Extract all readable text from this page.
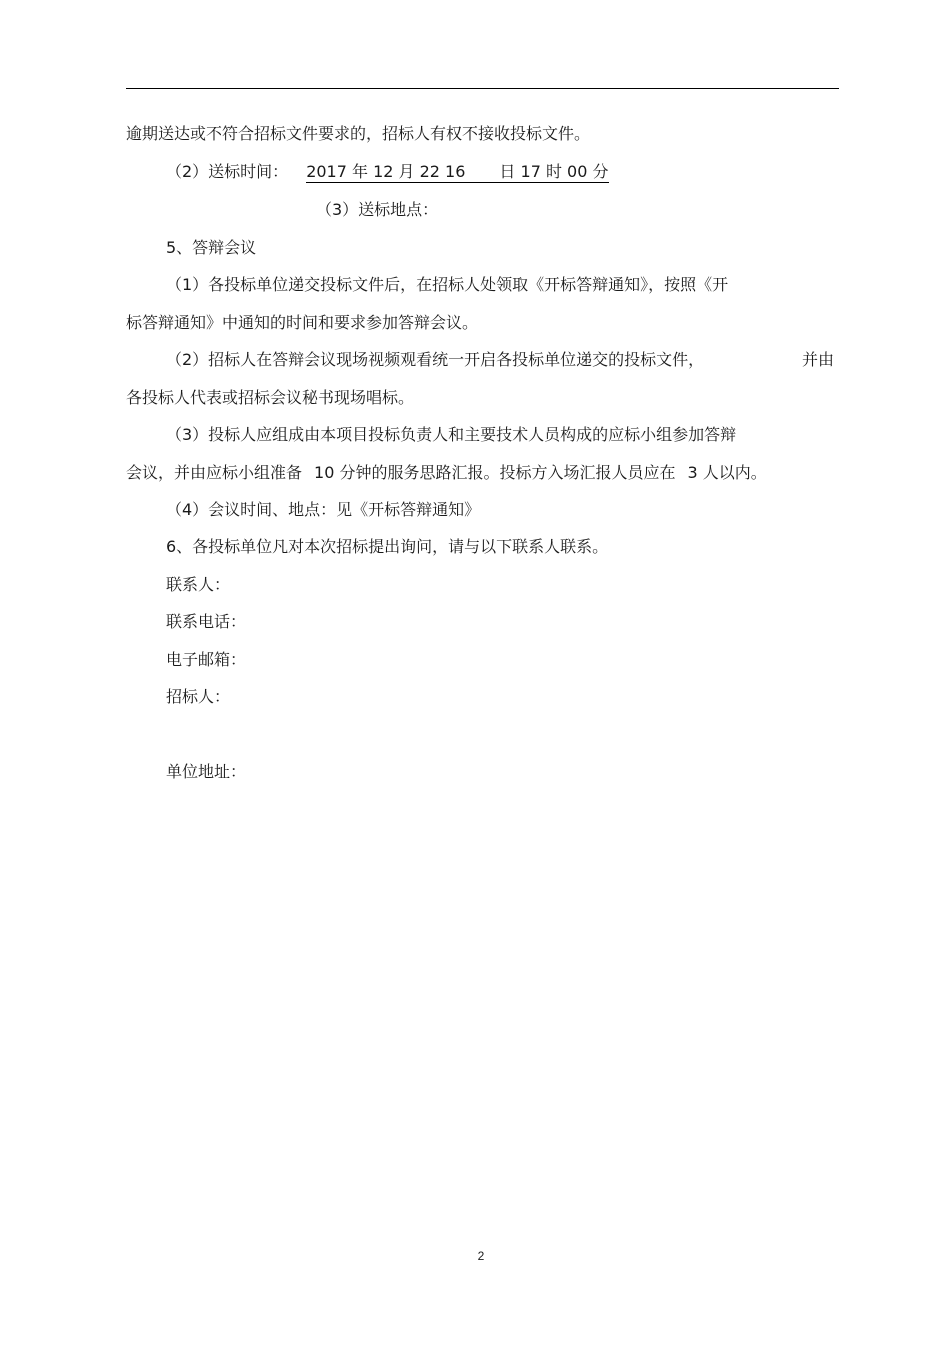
逾期送达或不符合招标文件要求的，招标人有权不接收投标文件。
（2）送标时间： 2017 年 12 月 22 16 日 17 时 00 分
（3）送标地点：
5、答辩会议
（1）各投标单位递交投标文件后，在招标人处领取《开标答辩通知》，按照《开
标答辩通知》中通知的时间和要求参加答辩会议。
（2）招标人在答辩会议现场视频观看统一开启各投标单位递交的投标文件，	并由
各投标人代表或招标会议秘书现场唱标。
（3）投标人应组成由本项目投标负责人和主要技术人员构成的应标小组参加答辩
会议，并由应标小组准备 10 分钟的服务思路汇报。投标方入场汇报人员应在 3 人以内。
（4）会议时间、地点：见《开标答辩通知》
6、各投标单位凡对本次招标提出询问，请与以下联系人联系。
联系人：
联系电话：
电子邮箱：
招标人：
单位地址：
2
